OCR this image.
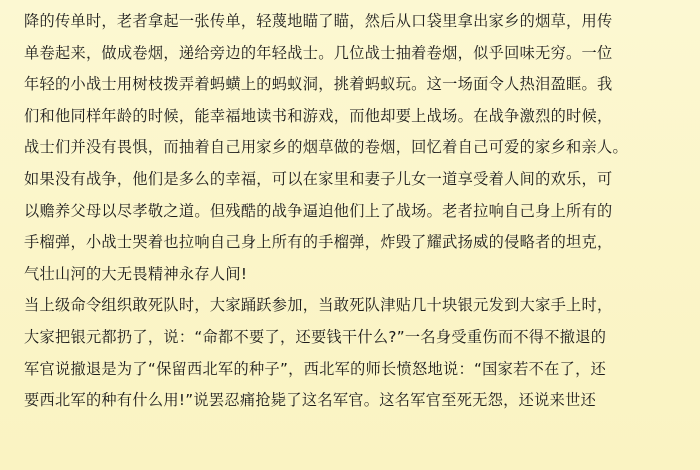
降的传单时，老者拿起一张传单，轻蔑地瞄了瞄，然后从口袋里拿出家乡的烟草，用传
单卷起来，做成卷烟，递给旁边的年轻战士。几位战士抽着卷烟，似乎回味无穷。一位
年轻的小战士用树枝拨弄着蚂蟥上的蚂蚁洞，挑着蚂蚁玩。这一场面令人热泪盈眶。我
们和他同样年龄的时候，能幸福地读书和游戏，而他却要上战场。在战争激烈的时候，
战士们并没有畏惧，而抽着自己用家乡的烟草做的卷烟，回忆着自己可爱的家乡和亲人。
如果没有战争，他们是多么的幸福，可以在家里和妻子儿女一道享受着人间的欢乐，可
以赡养父母以尽孝敬之道。但残酷的战争逼迫他们上了战场。老者拉响自己身上所有的
手榴弹，小战士哭着也拉响自己身上所有的手榴弹，炸毁了耀武扬威的侵略者的坦克，
气壮山河的大无畏精神永存人间!

当上级命令组织敢死队时，大家踊跃参加，当敢死队津贴几十块银元发到大家手上时，
大家把银元都扔了，说：“命都不要了，还要钱干什么?”一名身受重伤而不得不撤退的
军官说撤退是为了“保留西北军的种子”，西北军的师长愤怒地说：“国家若不在了，还
要西北军的种有什么用!”说罢忍痛抢毙了这名军官。这名军官至死无怨，还说来世还
